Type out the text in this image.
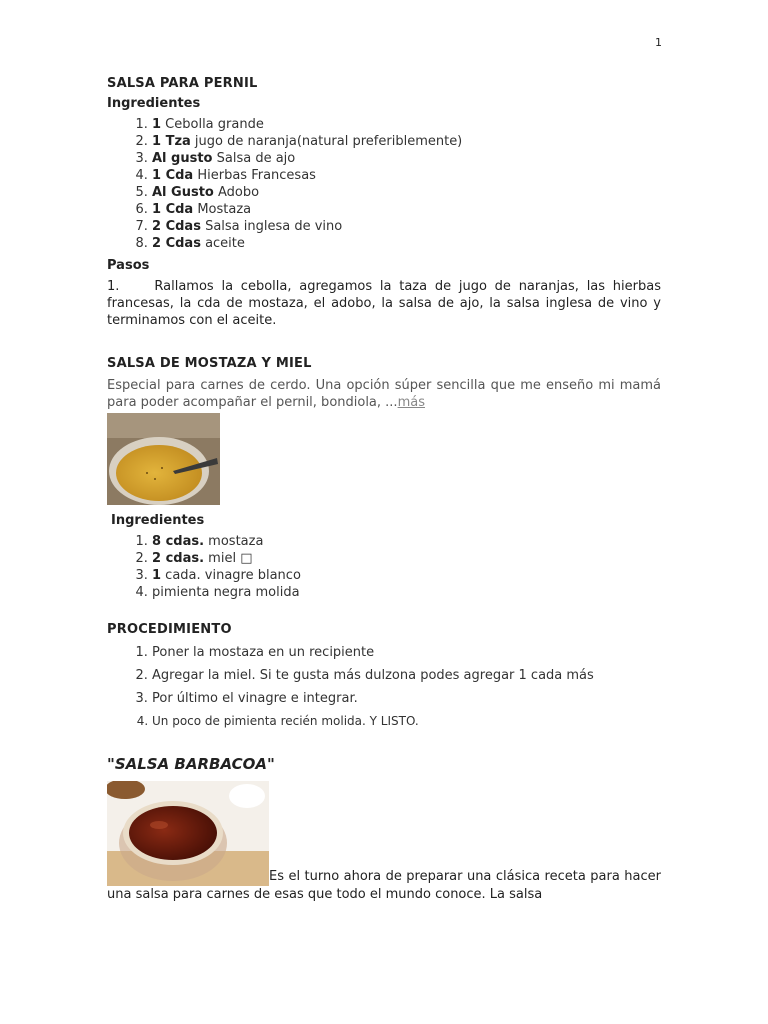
1
SALSA PARA PERNIL
Ingredientes
1. 1 Cebolla grande
2. 1 Tza jugo de naranja(natural preferiblemente)
3. Al gusto Salsa de ajo
4. 1 Cda Hierbas Francesas
5. Al Gusto Adobo
6. 1 Cda Mostaza
7. 2 Cdas Salsa inglesa de vino
8. 2 Cdas aceite
Pasos

1.	Rallamos la cebolla, agregamos la taza de jugo de naranjas, las hierbas francesas, la cda de mostaza, el adobo, la salsa de ajo, la salsa inglesa de vino y terminamos con el aceite.

SALSA DE MOSTAZA Y MIEL

Especial para carnes de cerdo. Una opción súper sencilla que me enseño mi mamá para poder acompañar el pernil, bondiola, ...más

Ingredientes
1. 8 cdas. mostaza
2. 2 cdas. miel □
3. 1 cada. vinagre blanco
4. pimienta negra molida
PROCEDIMIENTO
1. Poner la mostaza en un recipiente
2. Agregar la miel. Si te gusta más dulzona podes agregar 1 cada más
3. Por último el vinagre e integrar.
4. Un poco de pimienta recién molida. Y LISTO.
"SALSA BARBACOA"

Es el turno ahora de preparar una clásica receta para hacer una salsa para carnes de esas que todo el mundo conoce. La salsa
